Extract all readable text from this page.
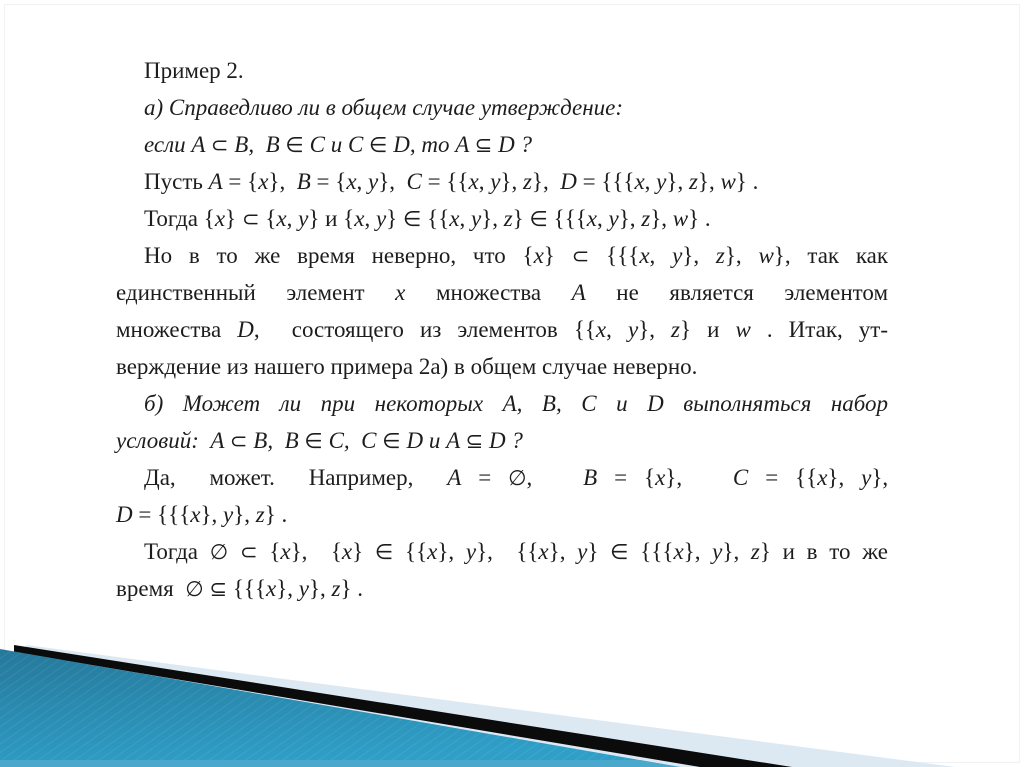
Пример 2.
а) Справедливо ли в общем случае утверждение:
если A ⊂ B, B ∈ C и C ∈ D, то A ⊆ D ?
Пусть A = {x}, B = {x, y}, C = {{x, y}, z}, D = {{{x, y}, z}, w} .
Тогда {x} ⊂ {x, y} и {x, y} ∈ {{x, y}, z} ∈ {{{x, y}, z}, w} .
Но в то же время неверно, что {x} ⊂ {{{x, y}, z}, w}, так как
единственный элемент x множества A не является элементом
множества D,  состоящего из элементов {{x, y}, z} и w . Итак, ут-
верждение из нашего примера 2а) в общем случае неверно.
б) Может ли при некоторых A, B, C и D выполняться набор
условий:  A ⊂ B, B ∈ C, C ∈ D и A ⊆ D ?
Да,  может.  Например,  A = ∅, B = {x}, C = {{x}, y},
D = {{{x}, y}, z} .
Тогда ∅ ⊂ {x}, {x} ∈ {{x}, y}, {{x}, y} ∈ {{{x}, y}, z} и в то же
время  ∅ ⊆ {{{x}, y}, z} .
